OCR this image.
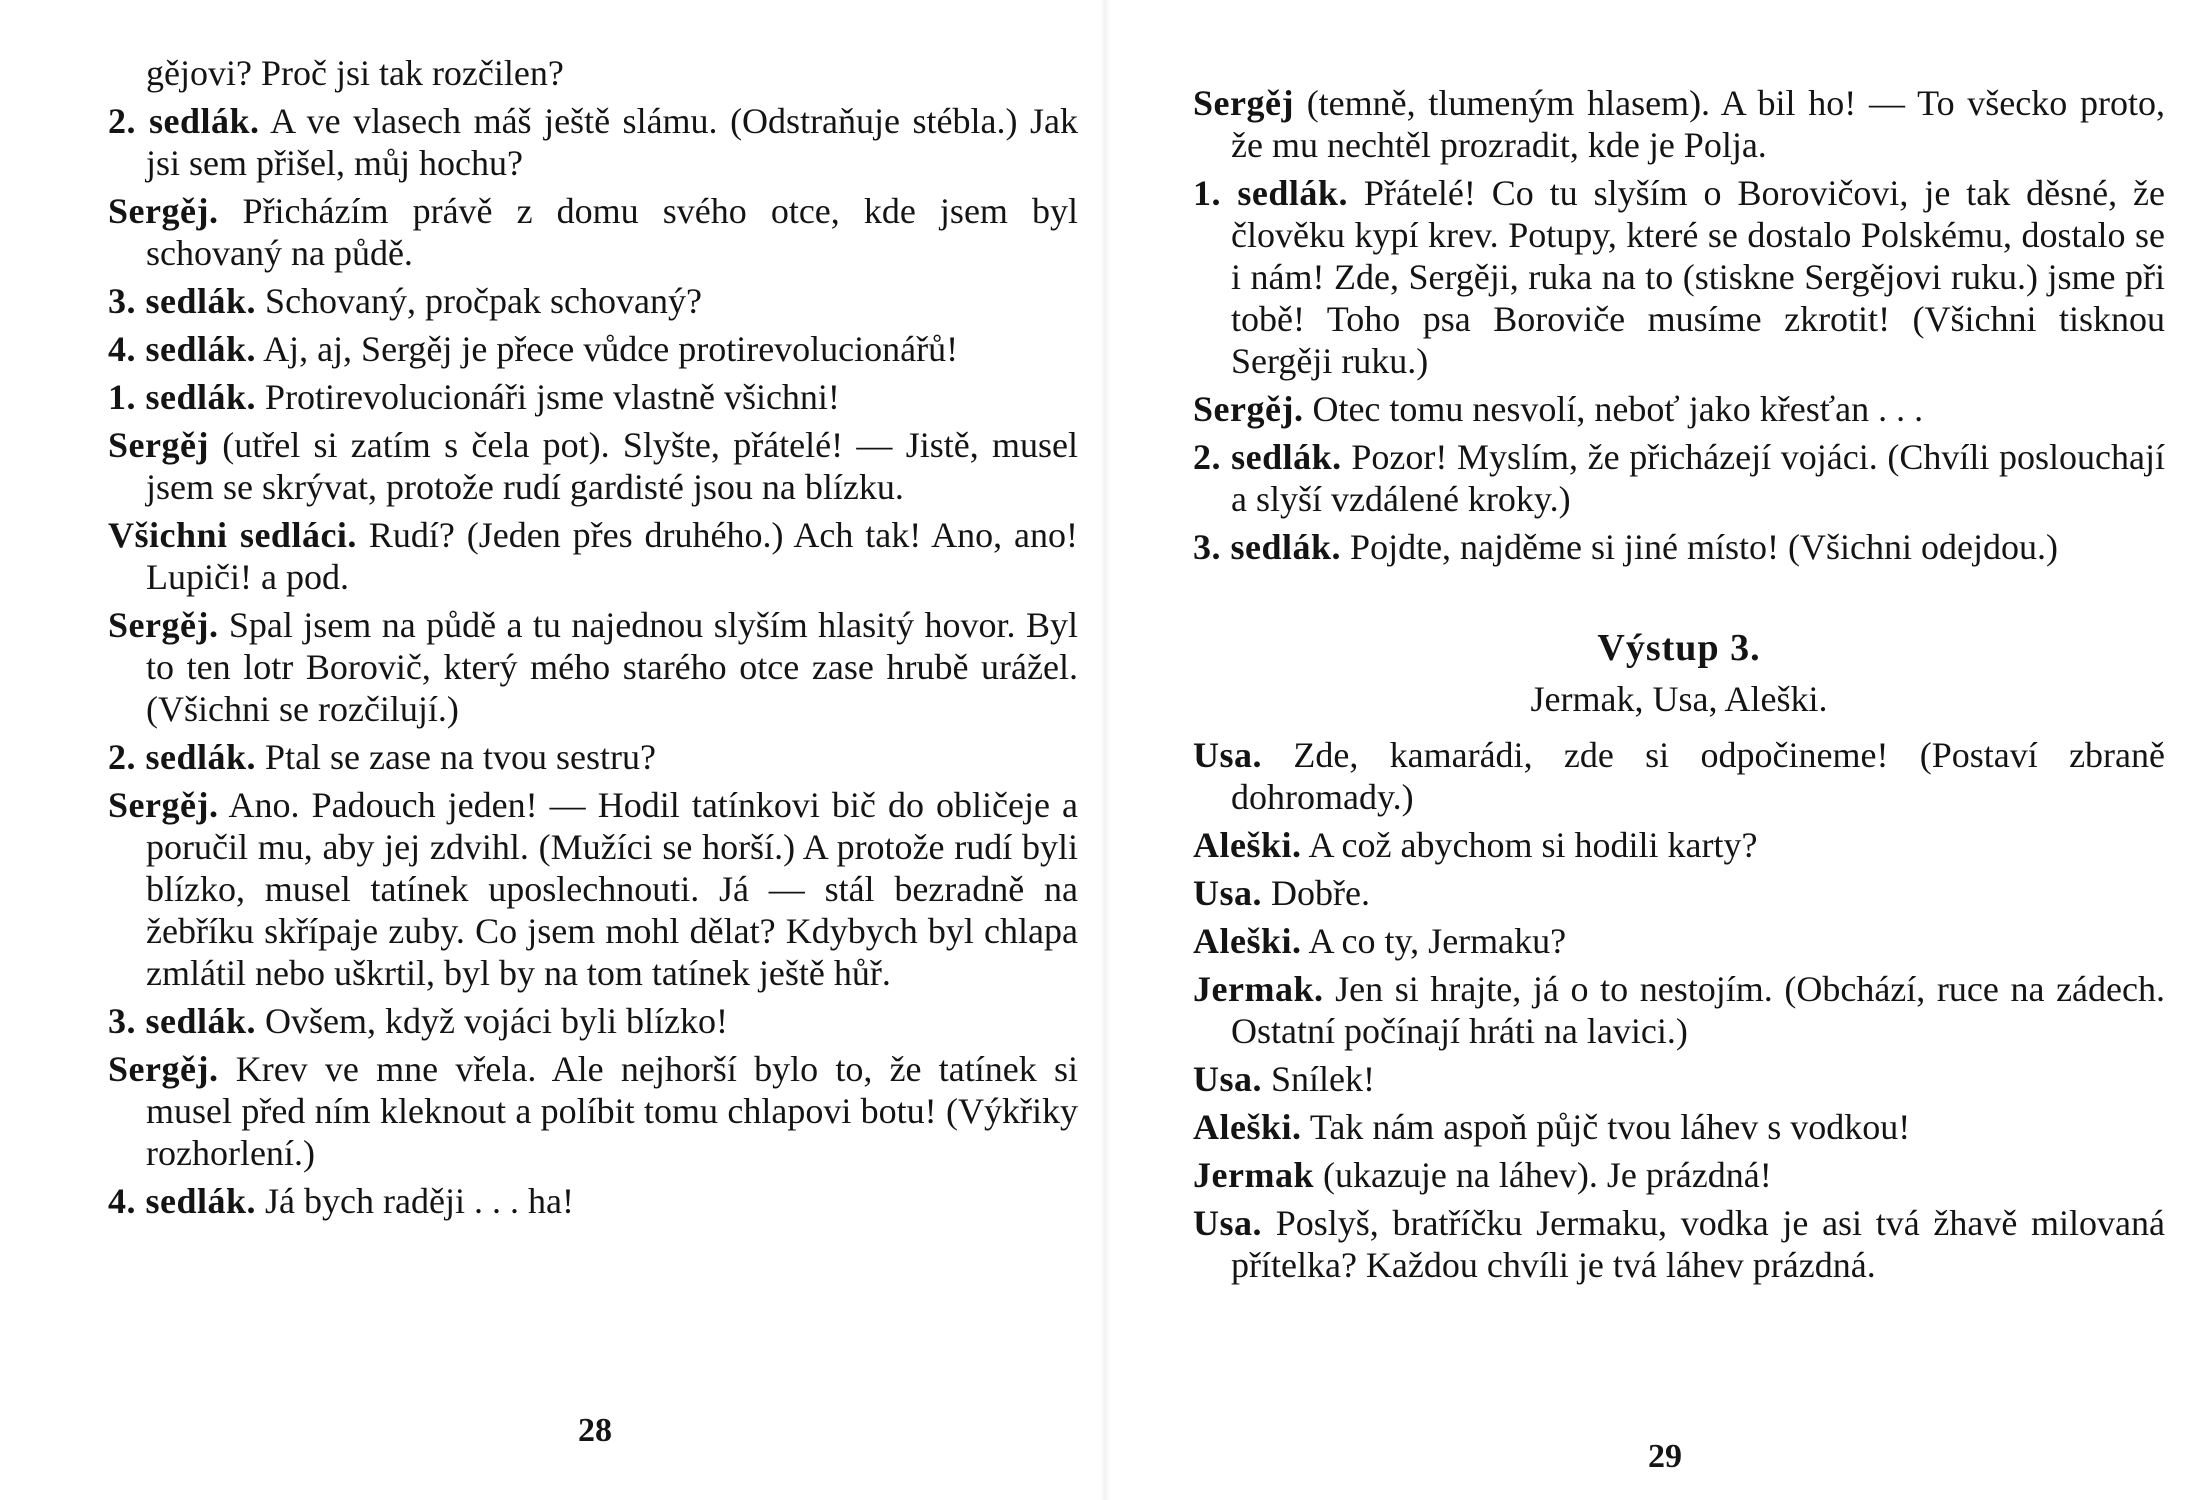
gějovi? Proč jsi tak rozčilen?

2. sedlák. A ve vlasech máš ještě slámu. (Odstraňuje stébla.) Jak jsi sem přišel, můj hochu?

Sergěj. Přicházím právě z domu svého otce, kde jsem byl schovaný na půdě.

3. sedlák. Schovaný, pročpak schovaný?

4. sedlák. Aj, aj, Sergěj je přece vůdce protirevolucionářů!

1. sedlák. Protirevolucionáři jsme vlastně všichni!

Sergěj (utřel si zatím s čela pot). Slyšte, přátelé! — Jistě, musel jsem se skrývat, protože rudí gardisté jsou na blízku.

Všichni sedláci. Rudí? (Jeden přes druhého.) Ach tak! Ano, ano! Lupiči! a pod.

Sergěj. Spal jsem na půdě a tu najednou slyším hlasitý hovor. Byl to ten lotr Borovič, který mého starého otce zase hrubě urážel. (Všichni se rozčilují.)

2. sedlák. Ptal se zase na tvou sestru?

Sergěj. Ano. Padouch jeden! — Hodil tatínkovi bič do obličeje a poručil mu, aby jej zdvihl. (Mužíci se horší.) A protože rudí byli blízko, musel tatínek uposlechnouti. Já — stál bezradně na žebříku skřípaje zuby. Co jsem mohl dělat? Kdybych byl chlapa zmlátil nebo uškrtil, byl by na tom tatínek ještě hůř.

3. sedlák. Ovšem, když vojáci byli blízko!

Sergěj. Krev ve mne vřela. Ale nejhorší bylo to, že tatínek si musel před ním kleknout a políbit tomu chlapovi botu! (Výkřiky rozhorlení.)

4. sedlák. Já bych raději . . . ha!

28

Sergěj (temně, tlumeným hlasem). A bil ho! — To všecko proto, že mu nechtěl prozradit, kde je Polja.

1. sedlák. Přátelé! Co tu slyším o Borovičovi, je tak děsné, že člověku kypí krev. Potupy, které se dostalo Polskému, dostalo se i nám! Zde, Sergěji, ruka na to (stiskne Sergějovi ruku.) jsme při tobě! Toho psa Boroviče musíme zkrotit! (Všichni tisknou Sergěji ruku.)

Sergěj. Otec tomu nesvolí, neboť jako křesťan . . .

2. sedlák. Pozor! Myslím, že přicházejí vojáci. (Chvíli poslouchají a slyší vzdálené kroky.)

3. sedlák. Pojdte, najděme si jiné místo! (Všichni odejdou.)

Výstup 3.
Jermak, Usa, Aleški.

Usa. Zde, kamarádi, zde si odpočineme! (Postaví zbraně dohromady.)

Aleški. A což abychom si hodili karty?

Usa. Dobře.

Aleški. A co ty, Jermaku?

Jermak. Jen si hrajte, já o to nestojím. (Obchází, ruce na zádech. Ostatní počínají hráti na lavici.)

Usa. Snílek!

Aleški. Tak nám aspoň půjč tvou láhev s vodkou!

Jermak (ukazuje na láhev). Je prázdná!

Usa. Poslyš, bratříčku Jermaku, vodka je asi tvá žhavě milovaná přítelka? Každou chvíli je tvá láhev prázdná.

29
